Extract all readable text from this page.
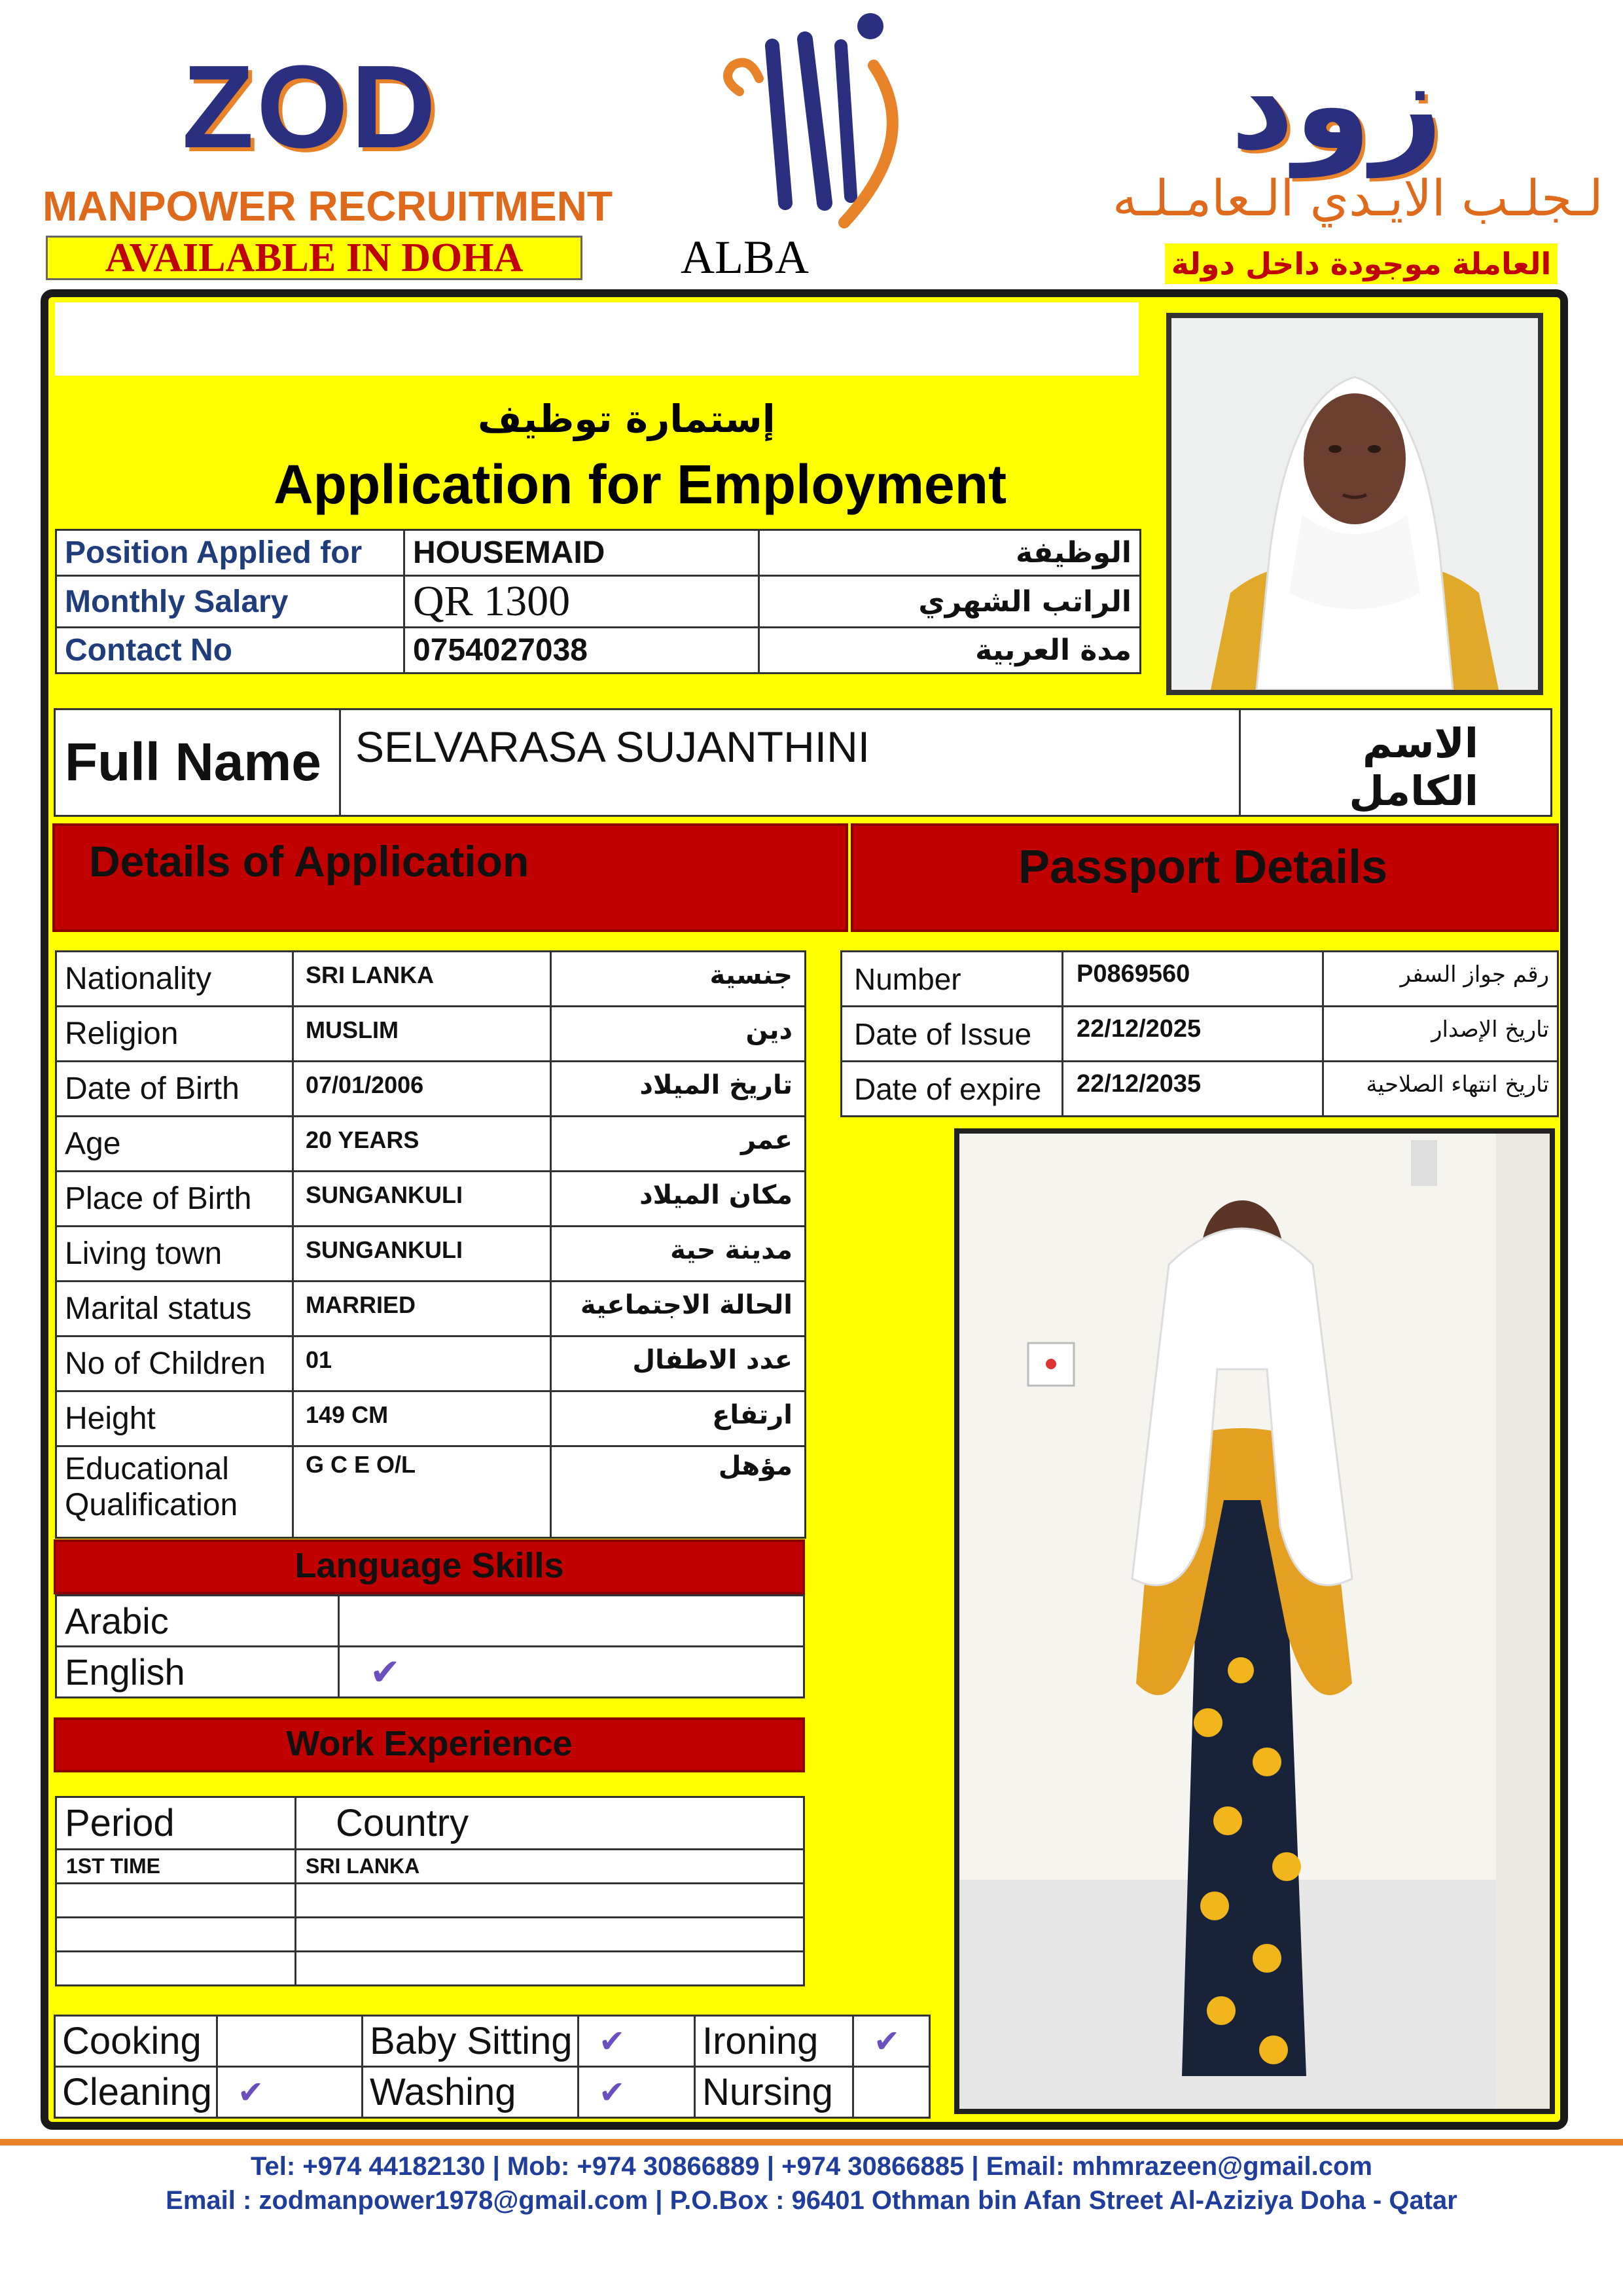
ZOD
MANPOWER RECRUITMENT
AVAILABLE IN DOHA	ALBA
زود
لـجلـب الايـدي الـعامـلـه
العاملة موجودة داخل دولة
إستمارة توظيف
Application for Employment
Position Applied for	HOUSEMAID	الوظيفة
Monthly Salary	QR 1300	الراتب الشهري
Contact No	0754027038	مدة العربية
Full Name	SELVARASA SUJANTHINI	الاسم الكامل
Details of Application	Passport Details
Nationality	SRI LANKA	جنسية
Religion	MUSLIM	دين
Date of Birth	07/01/2006	تاريخ الميلاد
Age	20 YEARS	عمر
Place of Birth	SUNGANKULI	مكان الميلاد
Living town	SUNGANKULI	مدينة حية
Marital status	MARRIED	الحالة الاجتماعية
No of Children	01	عدد الاطفال
Height	149 CM	ارتفاع
Educational Qualification	G C E O/L	مؤهل
Number	P0869560	رقم جواز السفر
Date of Issue	22/12/2025	تاريخ الإصدار
Date of expire	22/12/2035	تاريخ انتهاء الصلاحية
Language Skills
Arabic	
English	✔
Work Experience
Period	Country
1ST TIME	SRI LANKA

Cooking		Baby Sitting	✔	Ironing	✔
Cleaning	✔	Washing	✔	Nursing	
Tel: +974 44182130 | Mob: +974 30866889 | +974 30866885 | Email: mhmrazeen@gmail.com
Email : zodmanpower1978@gmail.com | P.O.Box : 96401 Othman bin Afan Street Al-Aziziya Doha - Qatar
